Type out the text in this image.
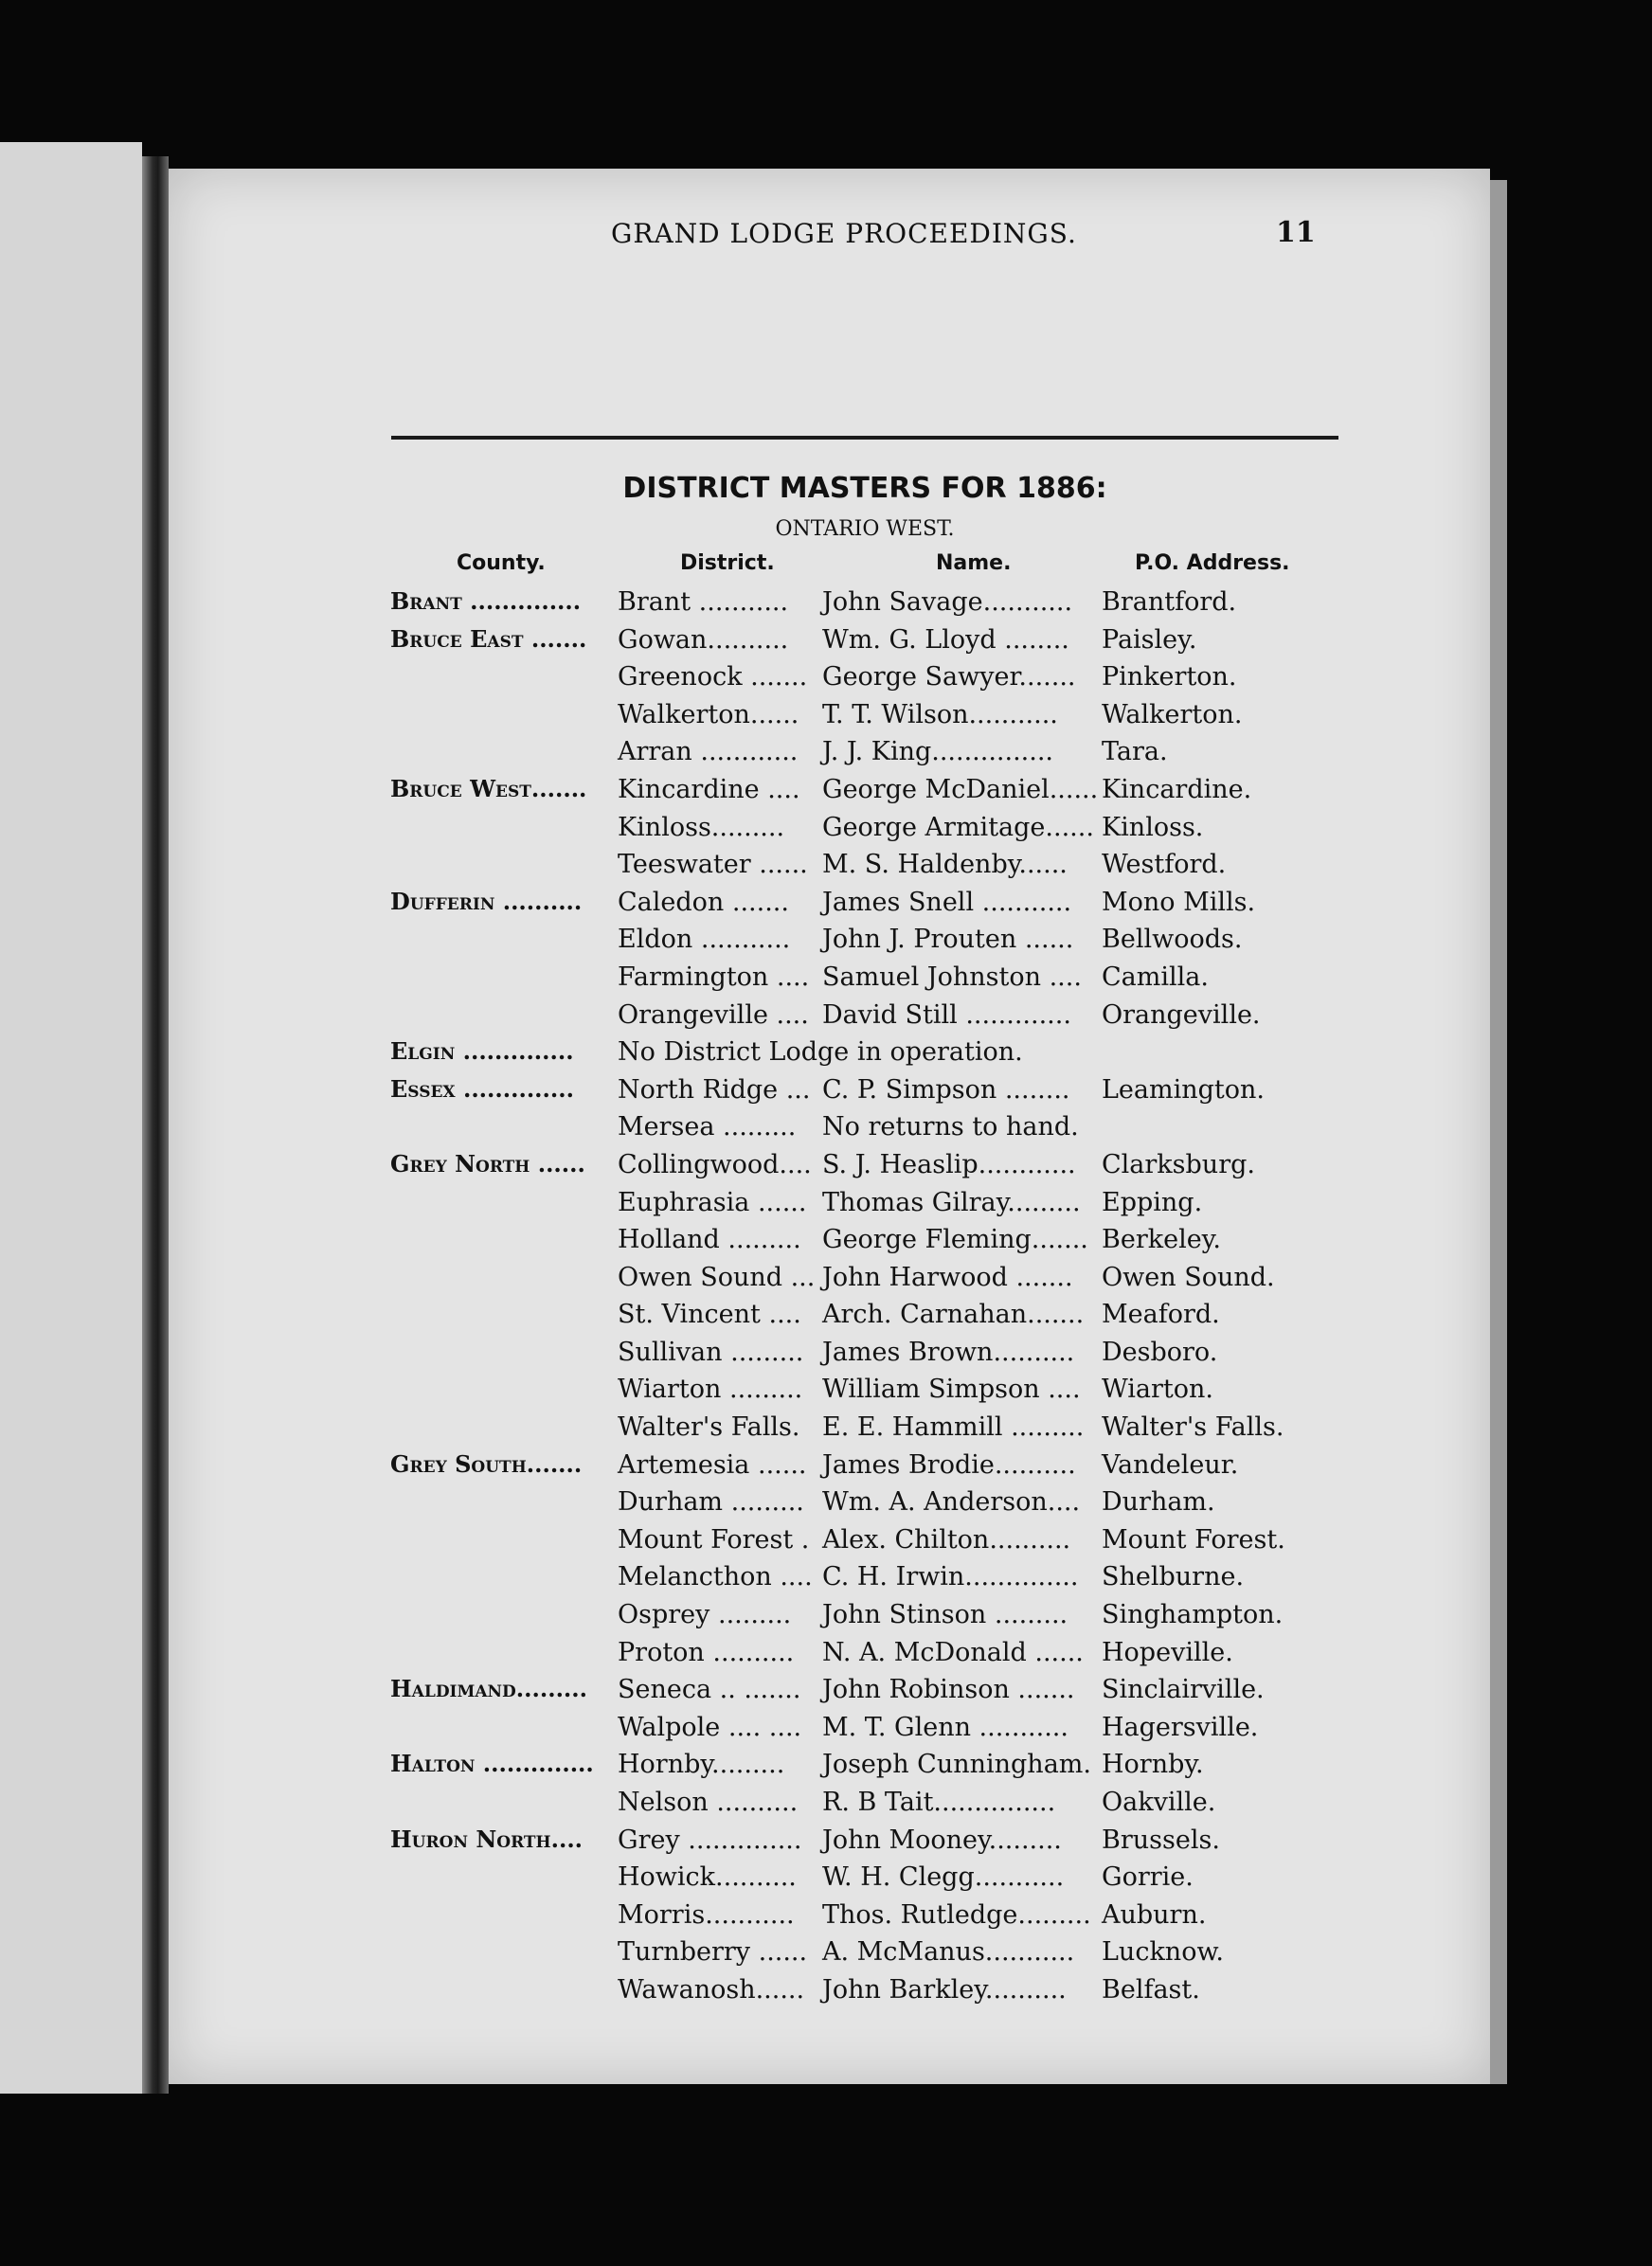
GRAND LODGE PROCEEDINGS.	11
DISTRICT MASTERS FOR 1886:
ONTARIO WEST.
County.	District.	Name.	P.O. Address.
Brant .............. Brant ........... John Savage........... Brantford.
Bruce East ....... Gowan.......... Wm. G. Lloyd ........ Paisley.
Greenock ....... George Sawyer....... Pinkerton.
Walkerton...... T. T. Wilson........... Walkerton.
Arran ............ J. J. King............... Tara.
Bruce West....... Kincardine .... George McDaniel...... Kincardine.
Kinloss......... George Armitage...... Kinloss.
Teeswater ...... M. S. Haldenby...... Westford.
Dufferin .......... Caledon ....... James Snell ........... Mono Mills.
Eldon ........... John J. Prouten ...... Bellwoods.
Farmington .... Samuel Johnston .... Camilla.
Orangeville .... David Still ............. Orangeville.
Elgin .............. No District Lodge in operation.
Essex .............. North Ridge ... C. P. Simpson ........ Leamington.
Mersea ......... No returns to hand.
Grey North ...... Collingwood.... S. J. Heaslip............ Clarksburg.
Euphrasia ...... Thomas Gilray......... Epping.
Holland ......... George Fleming....... Berkeley.
Owen Sound ... John Harwood ....... Owen Sound.
St. Vincent .... Arch. Carnahan....... Meaford.
Sullivan ......... James Brown.......... Desboro.
Wiarton ......... William Simpson .... Wiarton.
Walter's Falls. E. E. Hammill ......... Walter's Falls.
Grey South....... Artemesia ...... James Brodie.......... Vandeleur.
Durham ......... Wm. A. Anderson.... Durham.
Mount Forest . Alex. Chilton.......... Mount Forest.
Melancthon .... C. H. Irwin.............. Shelburne.
Osprey ......... John Stinson ......... Singhampton.
Proton .......... N. A. McDonald ...... Hopeville.
Haldimand......... Seneca .. ....... John Robinson ....... Sinclairville.
Walpole .... .... M. T. Glenn ........... Hagersville.
Halton .............. Hornby......... Joseph Cunningham. Hornby.
Nelson .......... R. B Tait............... Oakville.
Huron North.... Grey .............. John Mooney......... Brussels.
Howick.......... W. H. Clegg........... Gorrie.
Morris........... Thos. Rutledge......... Auburn.
Turnberry ...... A. McManus........... Lucknow.
Wawanosh...... John Barkley.......... Belfast.
